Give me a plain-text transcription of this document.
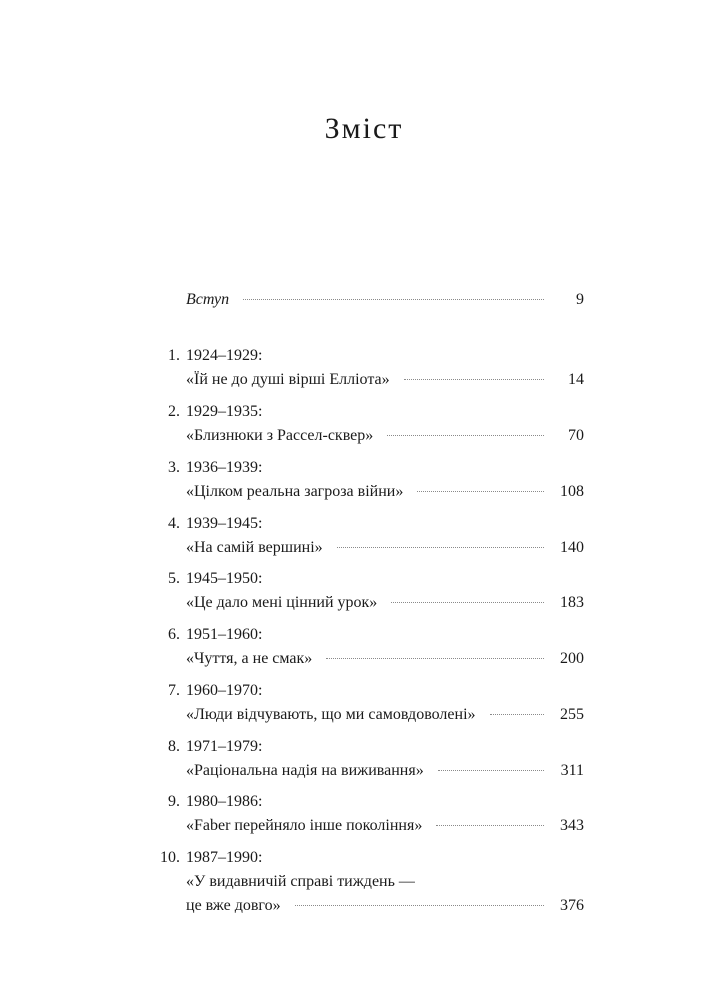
Зміст
Вступ	9
1. 1924–1929:
«Їй не до душі вірші Елліота»	14
2. 1929–1935:
«Близнюки з Рассел-сквер»	70
3. 1936–1939:
«Цілком реальна загроза війни»	108
4. 1939–1945:
«На самій вершині»	140
5. 1945–1950:
«Це дало мені цінний урок»	183
6. 1951–1960:
«Чуття, а не смак»	200
7. 1960–1970:
«Люди відчувають, що ми самовдоволені»	255
8. 1971–1979:
«Раціональна надія на виживання»	311
9. 1980–1986:
«Faber перейняло інше покоління»	343
10. 1987–1990:
«У видавничій справі тиждень —
це вже довго»	376
